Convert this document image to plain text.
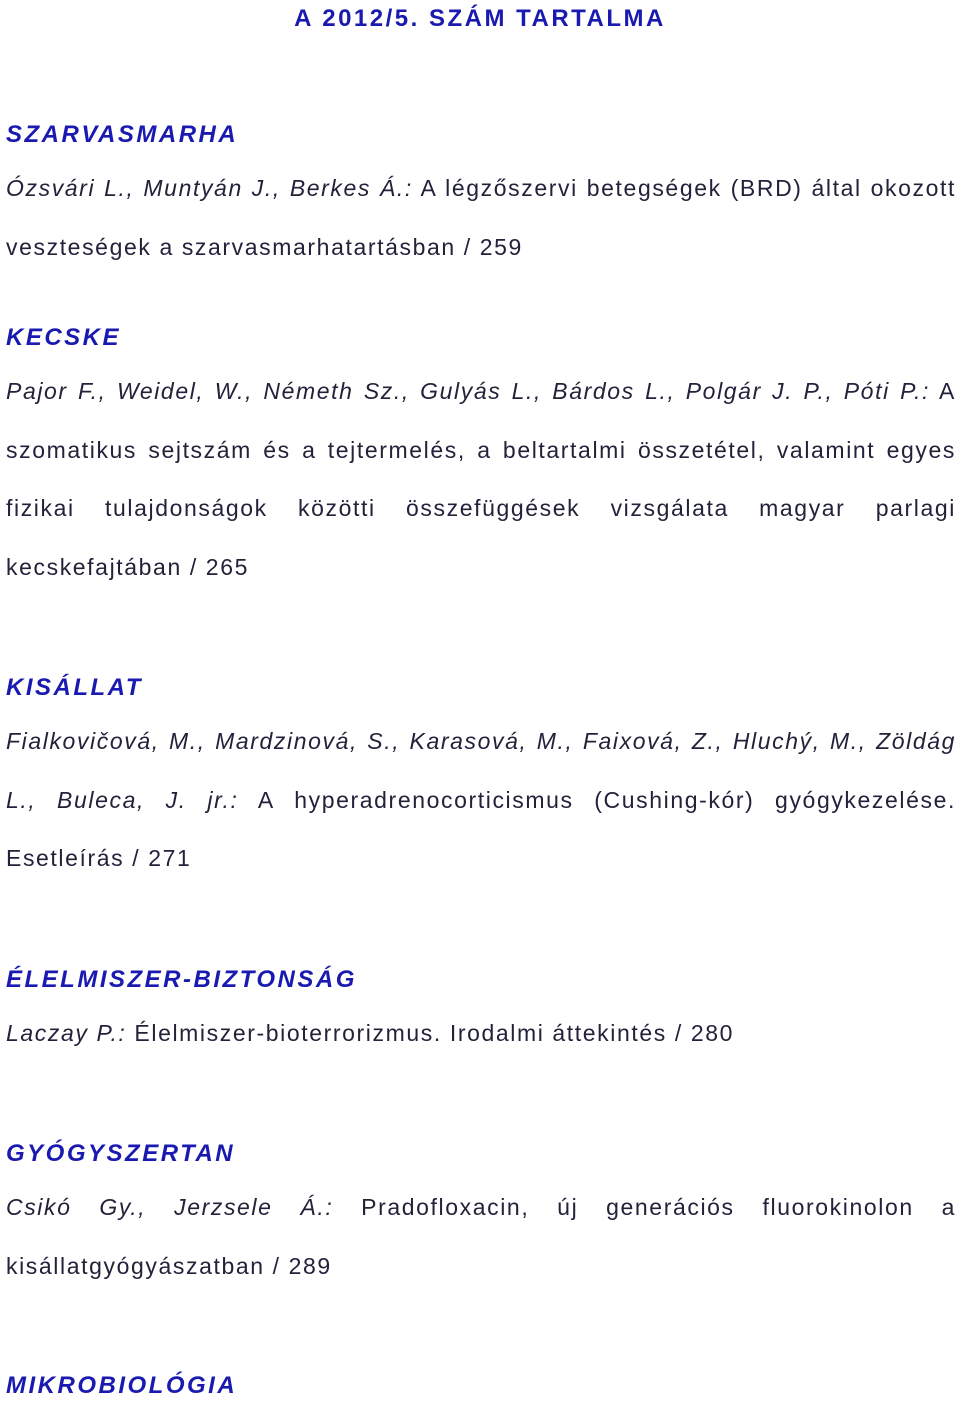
A 2012/5. SZÁM TARTALMA
SZARVASMARHA
Ózsvári L., Muntyán J., Berkes Á.: A légzőszervi betegségek (BRD) által okozott veszteségek a szarvasmarhatartásban / 259
KECSKE
Pajor F., Weidel, W., Németh Sz., Gulyás L., Bárdos L., Polgár J. P., Póti P.: A szomatikus sejtszám és a tejtermelés, a beltartalmi összetétel, valamint egyes fizikai tulajdonságok közötti összefüggések vizsgálata magyar parlagi kecskefajtában / 265
KISÁLLAT
Fialkovičová, M., Mardzinová, S., Karasová, M., Faixová, Z., Hluchý, M., Zöldág L., Buleca, J. jr.: A hyperadrenocorticismus (Cushing-kór) gyógykezelése. Esetleírás / 271
ÉLELMISZER-BIZTONSÁG
Laczay P.: Élelmiszer-bioterrorizmus. Irodalmi áttekintés / 280
GYÓGYSZERTAN
Csikó Gy., Jerzsele Á.: Pradofloxacin, új generációs fluorokinolon a kisállatgyógyászatban / 289
MIKROBIOLÓGIA
